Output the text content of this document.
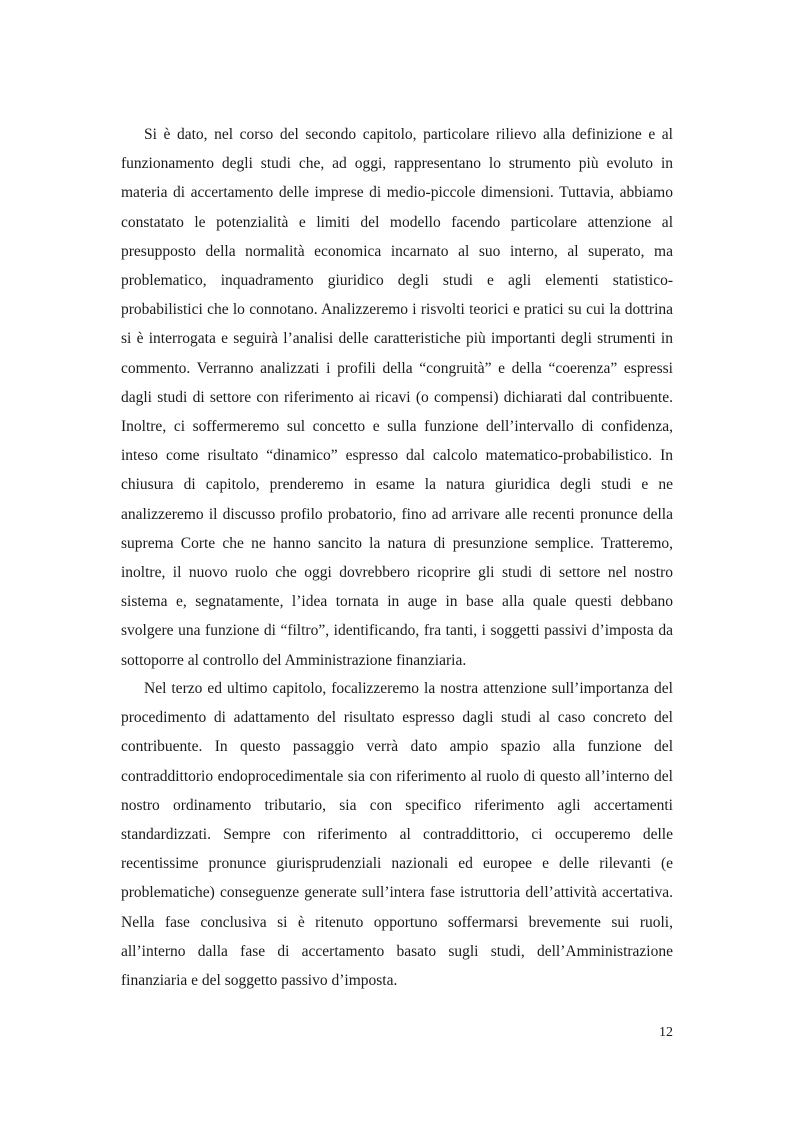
Si è dato, nel corso del secondo capitolo, particolare rilievo alla definizione e al funzionamento degli studi che, ad oggi, rappresentano lo strumento più evoluto in materia di accertamento delle imprese di medio-piccole dimensioni. Tuttavia, abbiamo constatato le potenzialità e limiti del modello facendo particolare attenzione al presupposto della normalità economica incarnato al suo interno, al superato, ma problematico, inquadramento giuridico degli studi e agli elementi statistico-probabilistici che lo connotano. Analizzeremo i risvolti teorici e pratici su cui la dottrina si è interrogata e seguirà l’analisi delle caratteristiche più importanti degli strumenti in commento. Verranno analizzati i profili della “congruità” e della “coerenza” espressi dagli studi di settore con riferimento ai ricavi (o compensi) dichiarati dal contribuente. Inoltre, ci soffermeremo sul concetto e sulla funzione dell’intervallo di confidenza, inteso come risultato “dinamico” espresso dal calcolo matematico-probabilistico. In chiusura di capitolo, prenderemo in esame la natura giuridica degli studi e ne analizzeremo il discusso profilo probatorio, fino ad arrivare alle recenti pronunce della suprema Corte che ne hanno sancito la natura di presunzione semplice. Tratteremo, inoltre, il nuovo ruolo che oggi dovrebbero ricoprire gli studi di settore nel nostro sistema e, segnatamente, l’idea tornata in auge in base alla quale questi debbano svolgere una funzione di “filtro”, identificando, fra tanti, i soggetti passivi d’imposta da sottoporre al controllo del Amministrazione finanziaria.

Nel terzo ed ultimo capitolo, focalizzeremo la nostra attenzione sull’importanza del procedimento di adattamento del risultato espresso dagli studi al caso concreto del contribuente. In questo passaggio verrà dato ampio spazio alla funzione del contraddittorio endoprocedimentale sia con riferimento al ruolo di questo all’interno del nostro ordinamento tributario, sia con specifico riferimento agli accertamenti standardizzati. Sempre con riferimento al contraddittorio, ci occuperemo delle recentissime pronunce giurisprudenziali nazionali ed europee e delle rilevanti (e problematiche) conseguenze generate sull’intera fase istruttoria dell’attività accertativa. Nella fase conclusiva si è ritenuto opportuno soffermarsi brevemente sui ruoli, all’interno dalla fase di accertamento basato sugli studi, dell’Amministrazione finanziaria e del soggetto passivo d’imposta.

12
